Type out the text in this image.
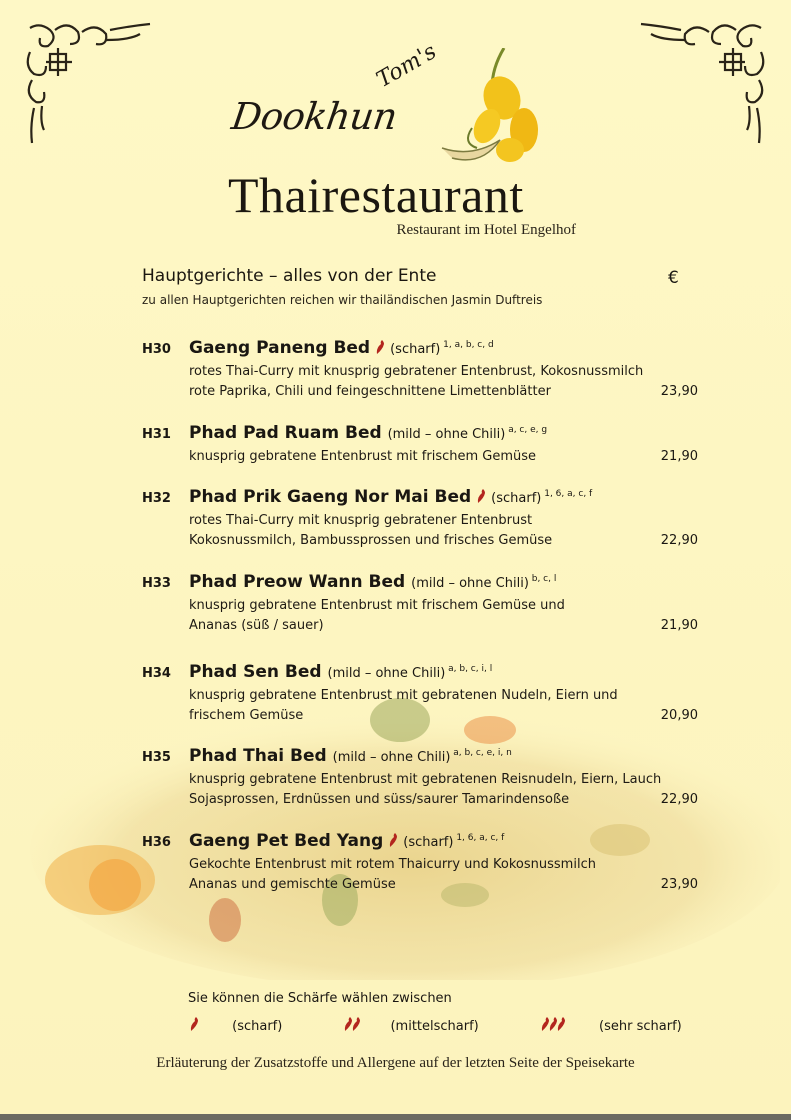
Tom's
Dookhun
Thairestaurant
Restaurant im Hotel Engelhof
Hauptgerichte – alles von der Ente	€
zu allen Hauptgerichten reichen wir thailändischen Jasmin Duftreis
H30 Gaeng Paneng Bed (scharf) $^{1, a, b, c, d}$
rotes Thai-Curry mit knusprig gebratener Entenbrust, Kokosnussmilch
rote Paprika, Chili und feingeschnittene Limettenblätter	23,90
H31 Phad Pad Ruam Bed (mild – ohne Chili) $^{a, c, e, g}$
knusprig gebratene Entenbrust mit frischem Gemüse	21,90
H32 Phad Prik Gaeng Nor Mai Bed (scharf) $^{1, 6, a, c, f}$
rotes Thai-Curry mit knusprig gebratener Entenbrust
Kokosnussmilch, Bambussprossen und frisches Gemüse	22,90
H33 Phad Preow Wann Bed (mild – ohne Chili) $^{b, c, l}$
knusprig gebratene Entenbrust mit frischem Gemüse und
Ananas (süß / sauer)	21,90
H34 Phad Sen Bed (mild – ohne Chili) $^{a, b, c, i, l}$
knusprig gebratene Entenbrust mit gebratenen Nudeln, Eiern und
frischem Gemüse	20,90
H35 Phad Thai Bed (mild – ohne Chili) $^{a, b, c, e, i, n}$
knusprig gebratene Entenbrust mit gebratenen Reisnudeln, Eiern, Lauch
Sojasprossen, Erdnüssen und süss/saurer Tamarindensoße	22,90
H36 Gaeng Pet Bed Yang (scharf) $^{1, 6, a, c, f}$
Gekochte Entenbrust mit rotem Thaicurry und Kokosnussmilch
Ananas und gemischte Gemüse	23,90
Sie können die Schärfe wählen zwischen
(scharf)	(mittelscharf)	(sehr scharf)
Erläuterung der Zusatzstoffe und Allergene auf der letzten Seite der Speisekarte
